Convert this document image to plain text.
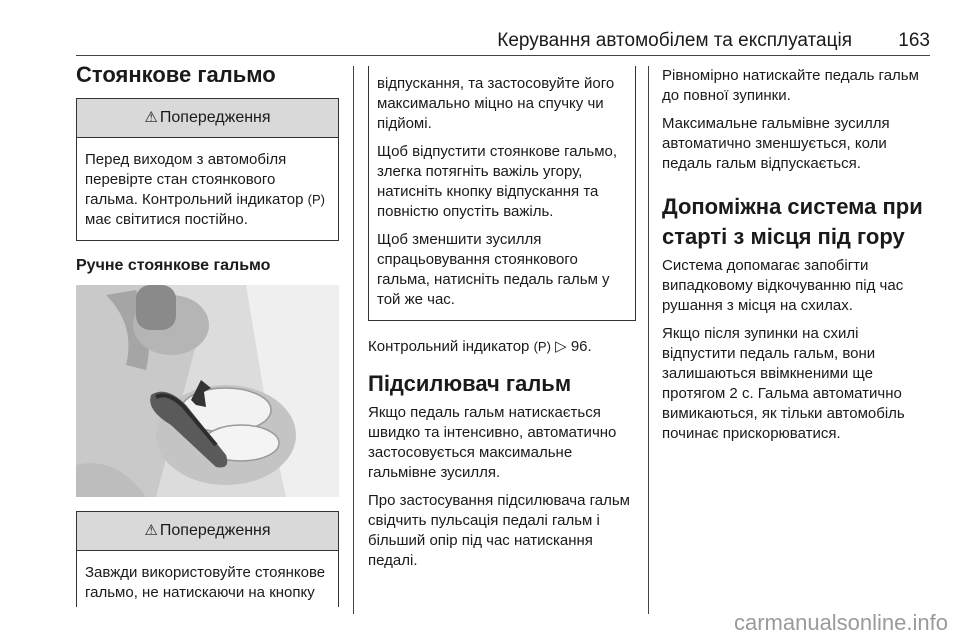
Керування автомобілем та експлуатація 163
Стоянкове гальмо
⚠ Попередження
Перед виходом з автомобіля перевірте стан стоянкового гальма. Контрольний індикатор (P) має світитися постійно.
Ручне стоянкове гальмо
⚠ Попередження
Завжди використовуйте стоянкове гальмо, не натискаючи на кнопку

відпускання, та застосовуйте його максимально міцно на спучку чи підйомі.

Щоб відпустити стоянкове гальмо, злегка потягніть важіль угору, натисніть кнопку відпускання та повністю опустіть важіль.

Щоб зменшити зусилля спрацьовування стоянкового гальма, натисніть педаль гальм у той же час.

Контрольний індикатор (P) ▷ 96.

Підсилювач гальм

Якщо педаль гальм натискається швидко та інтенсивно, автоматично застосовується максимальне гальмівне зусилля.

Про застосування підсилювача гальм свідчить пульсація педалі гальм і більший опір під час натискання педалі.

Рівномірно натискайте педаль гальм до повної зупинки.

Максимальне гальмівне зусилля автоматично зменшується, коли педаль гальм відпускається.

Допоміжна система при старті з місця під гору

Система допомагає запобігти випадковому відкочуванню під час рушання з місця на схилах.

Якщо після зупинки на схилі відпустити педаль гальм, вони залишаються ввімкненими ще протягом 2 с. Гальма автоматично вимикаються, як тільки автомобіль починає прискорюватися.

carmanualsonline.info
